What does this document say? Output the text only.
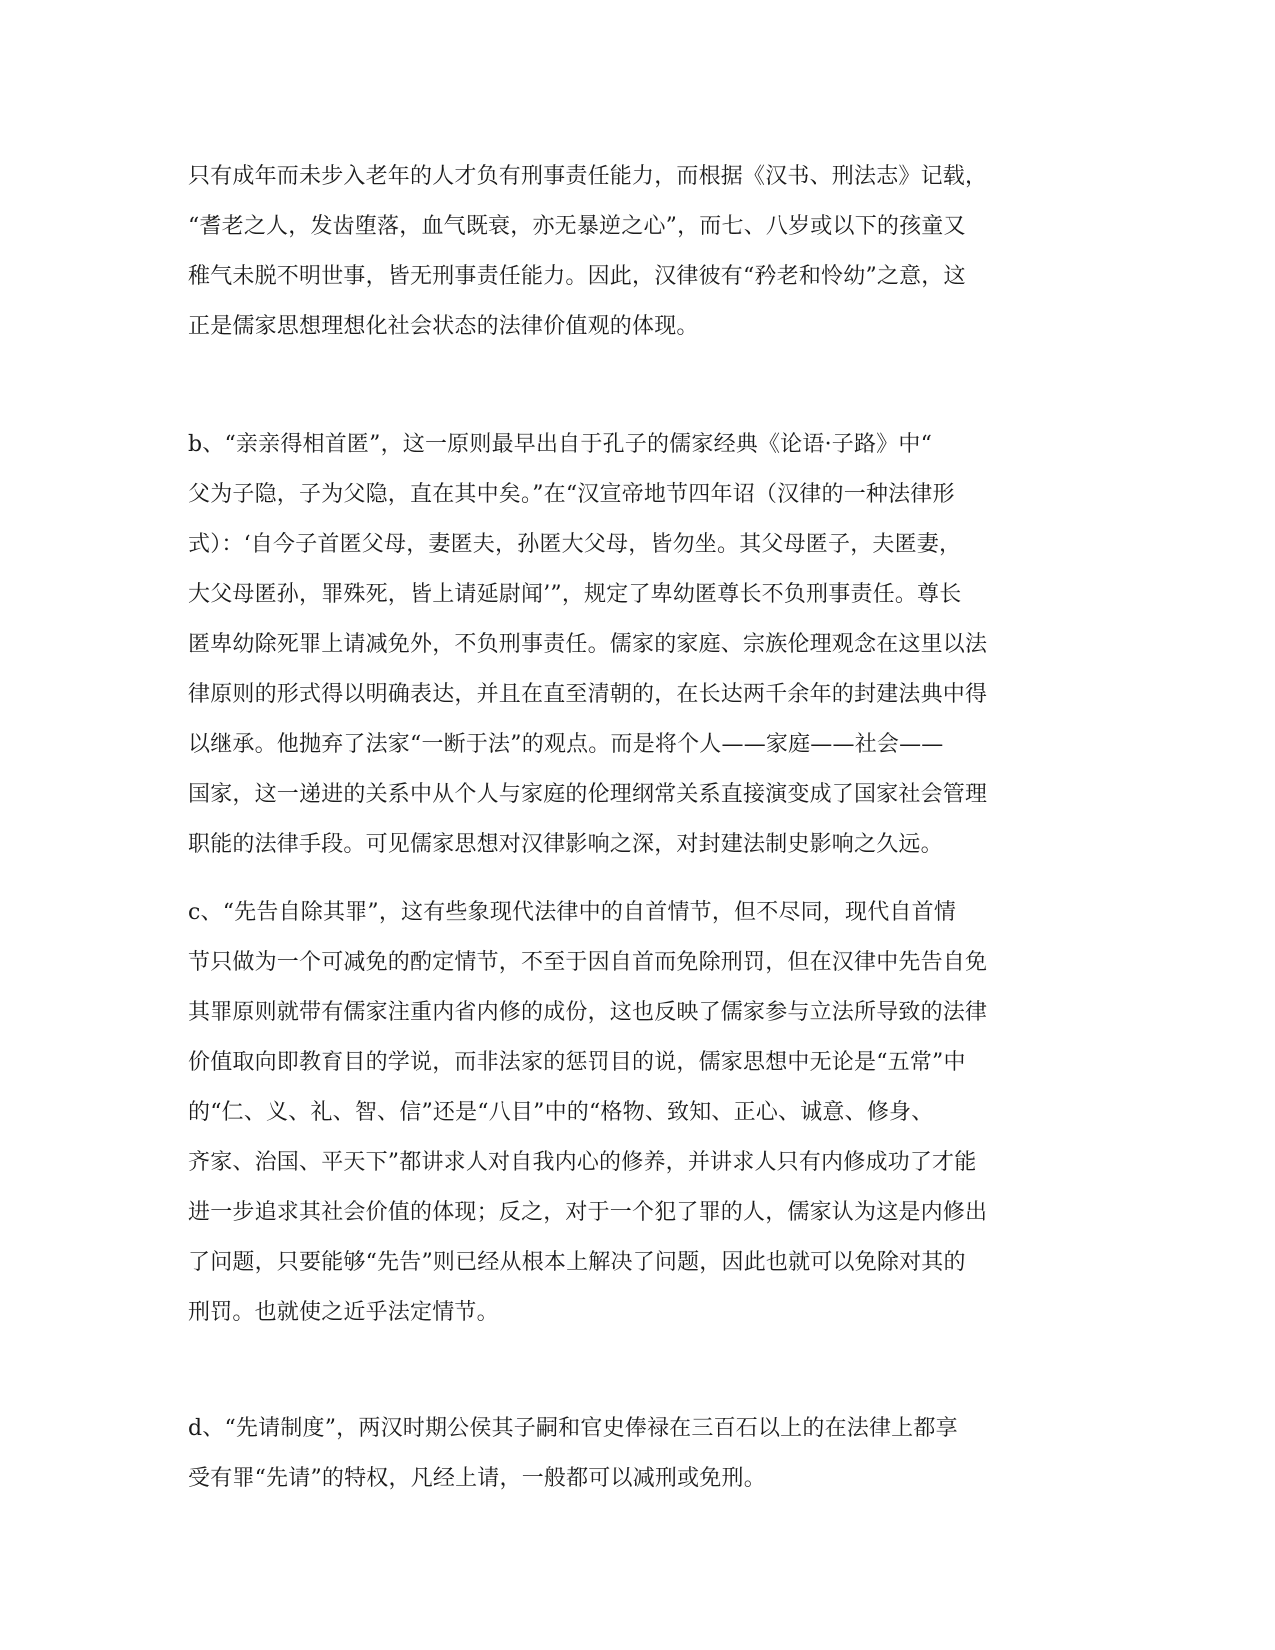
只有成年而未步入老年的人才负有刑事责任能力，而根据《汉书、刑法志》记载，
“耆老之人，发齿堕落，血气既衰，亦无暴逆之心”，而七、八岁或以下的孩童又
稚气未脱不明世事，皆无刑事责任能力。因此，汉律彼有“矜老和怜幼”之意，这
正是儒家思想理想化社会状态的法律价值观的体现。
b、“亲亲得相首匿”，这一原则最早出自于孔子的儒家经典《论语·子路》中“
父为子隐，子为父隐，直在其中矣。”在“汉宣帝地节四年诏（汉律的一种法律形
式）：‘自今子首匿父母，妻匿夫，孙匿大父母，皆勿坐。其父母匿子，夫匿妻，
大父母匿孙，罪殊死，皆上请延尉闻’”，规定了卑幼匿尊长不负刑事责任。尊长
匿卑幼除死罪上请减免外，不负刑事责任。儒家的家庭、宗族伦理观念在这里以法
律原则的形式得以明确表达，并且在直至清朝的，在长达两千余年的封建法典中得
以继承。他抛弃了法家“一断于法”的观点。而是将个人——家庭——社会——
国家，这一递进的关系中从个人与家庭的伦理纲常关系直接演变成了国家社会管理
职能的法律手段。可见儒家思想对汉律影响之深，对封建法制史影响之久远。
c、“先告自除其罪”，这有些象现代法律中的自首情节，但不尽同，现代自首情
节只做为一个可减免的酌定情节，不至于因自首而免除刑罚，但在汉律中先告自免
其罪原则就带有儒家注重内省内修的成份，这也反映了儒家参与立法所导致的法律
价值取向即教育目的学说，而非法家的惩罚目的说，儒家思想中无论是“五常”中
的“仁、义、礼、智、信”还是“八目”中的“格物、致知、正心、诚意、修身、
齐家、治国、平天下”都讲求人对自我内心的修养，并讲求人只有内修成功了才能
进一步追求其社会价值的体现；反之，对于一个犯了罪的人，儒家认为这是内修出
了问题，只要能够“先告”则已经从根本上解决了问题，因此也就可以免除对其的
刑罚。也就使之近乎法定情节。
d、“先请制度”，两汉时期公侯其子嗣和官史俸禄在三百石以上的在法律上都享
受有罪“先请”的特权，凡经上请，一般都可以减刑或免刑。
